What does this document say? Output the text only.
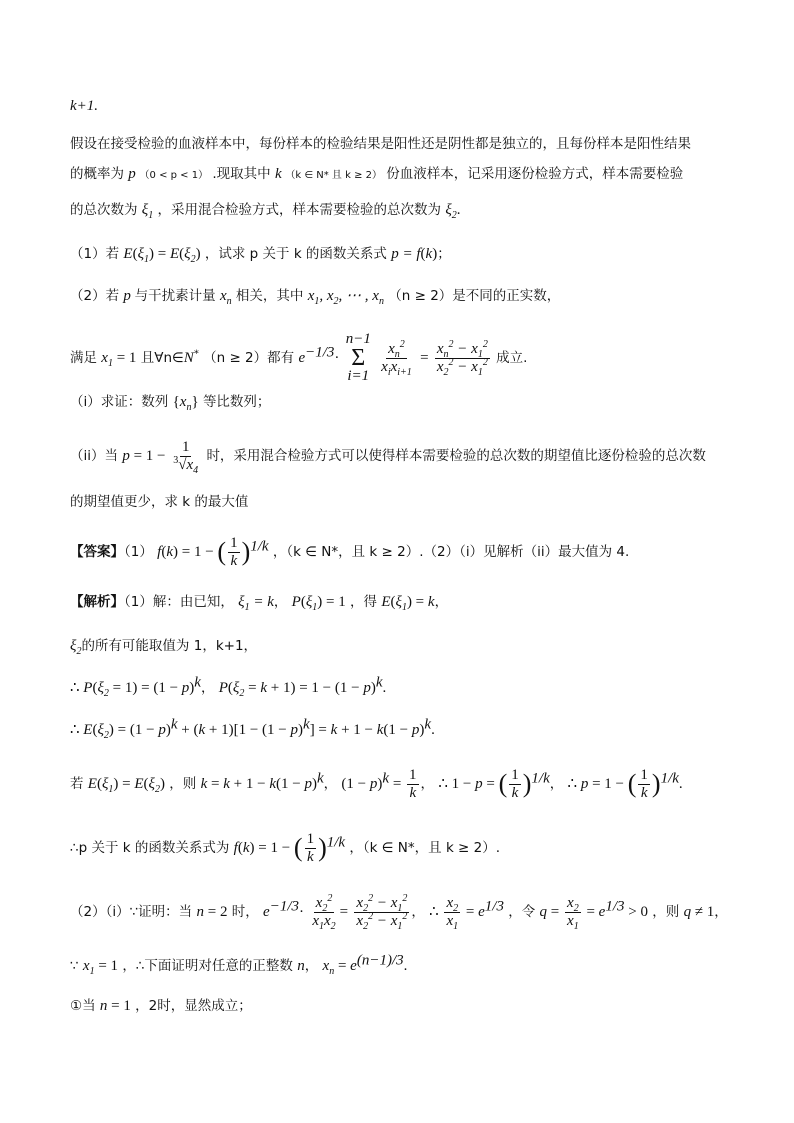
k+1.
假设在接受检验的血液样本中，每份样本的检验结果是阳性还是阴性都是独立的，且每份样本是阳性结果
的概率为 p （0 < p < 1） .现取其中 k （k ∈ N* 且 k ≥ 2） 份血液样本，记采用逐份检验方式，样本需要检验
的总次数为 $\xi_1$ ，采用混合检验方式，样本需要检验的总次数为 $\xi_2$.
（1）若 $E(\xi_1) = E(\xi_2)$ ，试求 p 关于 k 的函数关系式 p = f(k)；
（2）若 p 与干扰素计量 $x_n$ 相关，其中 $x_1$, $x_2$, ⋯ , $x_n$ （n ≥ 2）是不同的正实数，
满足 $x_1 = 1$ 且∀n∈N* （n ≥ 2）都有 $e^{-1/3}\cdot$
n−1
Σ
i=1

$\frac{x_n^2}{x_ix_{i+1}} = \frac{x_n^2 - x_1^2}{x_2^2 - x_1^2}$ 成立.
（i）求证：数列 $\{x_n\}$ 等比数列；
（ii）当 $p = 1 - \frac{1}{^3√x_4}$ 时，采用混合检验方式可以使得样本需要检验的总次数的期望值比逐份检验的总次数
的期望值更少，求 k 的最大值
【答案】（1） f(k) = 1 − ( $\frac{1}{k} )^{1/k}$ ，（k ∈ N*，且 k ≥ 2）.（2）（i）见解析（ii）最大值为 4.
【解析】（1）解：由已知， $\xi_1 = k$， $P(\xi_1) = 1$ ，得 $E(\xi_1) = k$，
$\xi_2$的所有可能取值为 1，k+1，
∴ $P(\xi_2 = 1) = (1 - p)^k$， $P(\xi_2 = k + 1) = 1 - (1 - p)^k$.
∴ $E(\xi_2) = (1 - p)^k + (k + 1)[1 - (1 - p)^k] = k + 1 - k(1 - p)^k$.
若 $E(\xi_1) = E(\xi_2)$ ，则 $k = k + 1 - k(1 - p)^k$， $(1 - p)^k = \frac{1}{k}$ ， ∴ 1 − p = ( $\frac{1}{k} )^{1/k}$， ∴ p = 1 − ( $\frac{1}{k} )^{1/k}$.
∴p 关于 k 的函数关系式为 f(k) = 1 − ( $\frac{1}{k} )^{1/k}$ ，（k ∈ N*，且 k ≥ 2）.
（2）（i）∵证明：当 n = 2 时， $e^{-1/3}\cdot \frac{x_2^2}{x_1x_2} = \frac{x_2^2 - x_1^2}{x_2^2 - x_1^2}$ ， ∴ $\frac{x_2}{x_1} = e^{1/3}$ ，令 $q = \frac{x_2}{x_1} = e^{1/3} > 0$ ，则 q ≠ 1，
∵ $x_1 = 1$ ，∴下面证明对任意的正整数 n， $x_n = e^{(n-1)/3}$.
①当 n = 1 ，2时，显然成立；
